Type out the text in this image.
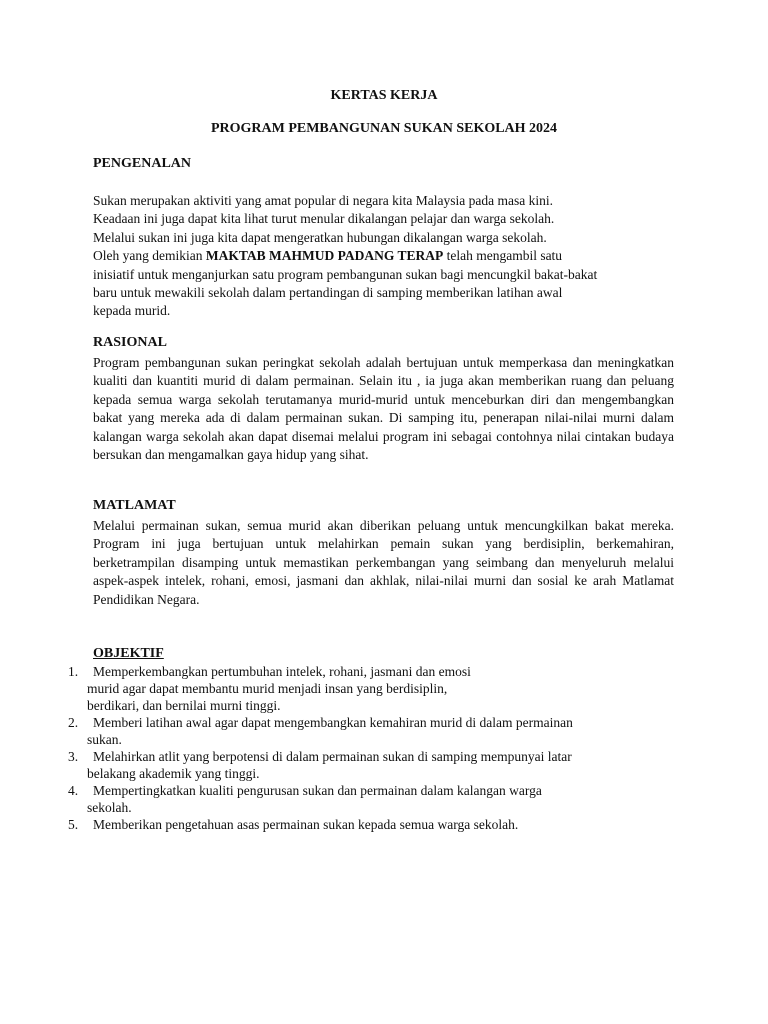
KERTAS KERJA
PROGRAM PEMBANGUNAN SUKAN SEKOLAH 2024
PENGENALAN
Sukan merupakan aktiviti yang amat popular di negara kita Malaysia pada masa kini.
Keadaan ini juga dapat kita lihat turut menular dikalangan pelajar dan warga sekolah.
Melalui sukan ini juga kita dapat mengeratkan hubungan dikalangan warga sekolah.
Oleh yang demikian MAKTAB MAHMUD PADANG TERAP telah mengambil satu
inisiatif untuk menganjurkan satu program pembangunan sukan bagi mencungkil bakat-bakat
baru untuk mewakili sekolah dalam pertandingan di samping memberikan latihan awal
kepada murid.
RASIONAL
Program pembangunan sukan peringkat sekolah adalah bertujuan untuk memperkasa dan meningkatkan kualiti dan kuantiti murid di dalam permainan. Selain itu , ia juga akan memberikan ruang dan peluang kepada semua warga sekolah terutamanya murid-murid untuk menceburkan diri dan mengembangkan bakat yang mereka ada di dalam permainan sukan. Di samping itu, penerapan nilai-nilai murni dalam kalangan warga sekolah akan dapat disemai melalui program ini sebagai contohnya nilai cintakan budaya bersukan dan mengamalkan gaya hidup yang sihat.
MATLAMAT
Melalui permainan sukan, semua murid akan diberikan peluang untuk mencungkilkan bakat mereka. Program ini juga bertujuan untuk melahirkan pemain sukan yang berdisiplin, berkemahiran, berketrampilan disamping untuk memastikan perkembangan yang seimbang dan menyeluruh melalui aspek-aspek intelek, rohani, emosi, jasmani dan akhlak, nilai-nilai murni dan sosial ke arah Matlamat Pendidikan Negara.
OBJEKTIF
1.	Memperkembangkan pertumbuhan intelek, rohani, jasmani dan emosi
murid agar dapat membantu murid menjadi insan yang berdisiplin,
berdikari, dan bernilai murni tinggi.
2.	Memberi latihan awal agar dapat mengembangkan kemahiran murid di dalam permainan
sukan.
3.	Melahirkan atlit yang berpotensi di dalam permainan sukan di samping mempunyai latar
belakang akademik yang tinggi.
4.	Mempertingkatkan kualiti pengurusan sukan dan permainan dalam kalangan warga
sekolah.
5.	Memberikan pengetahuan asas permainan sukan kepada semua warga sekolah.
